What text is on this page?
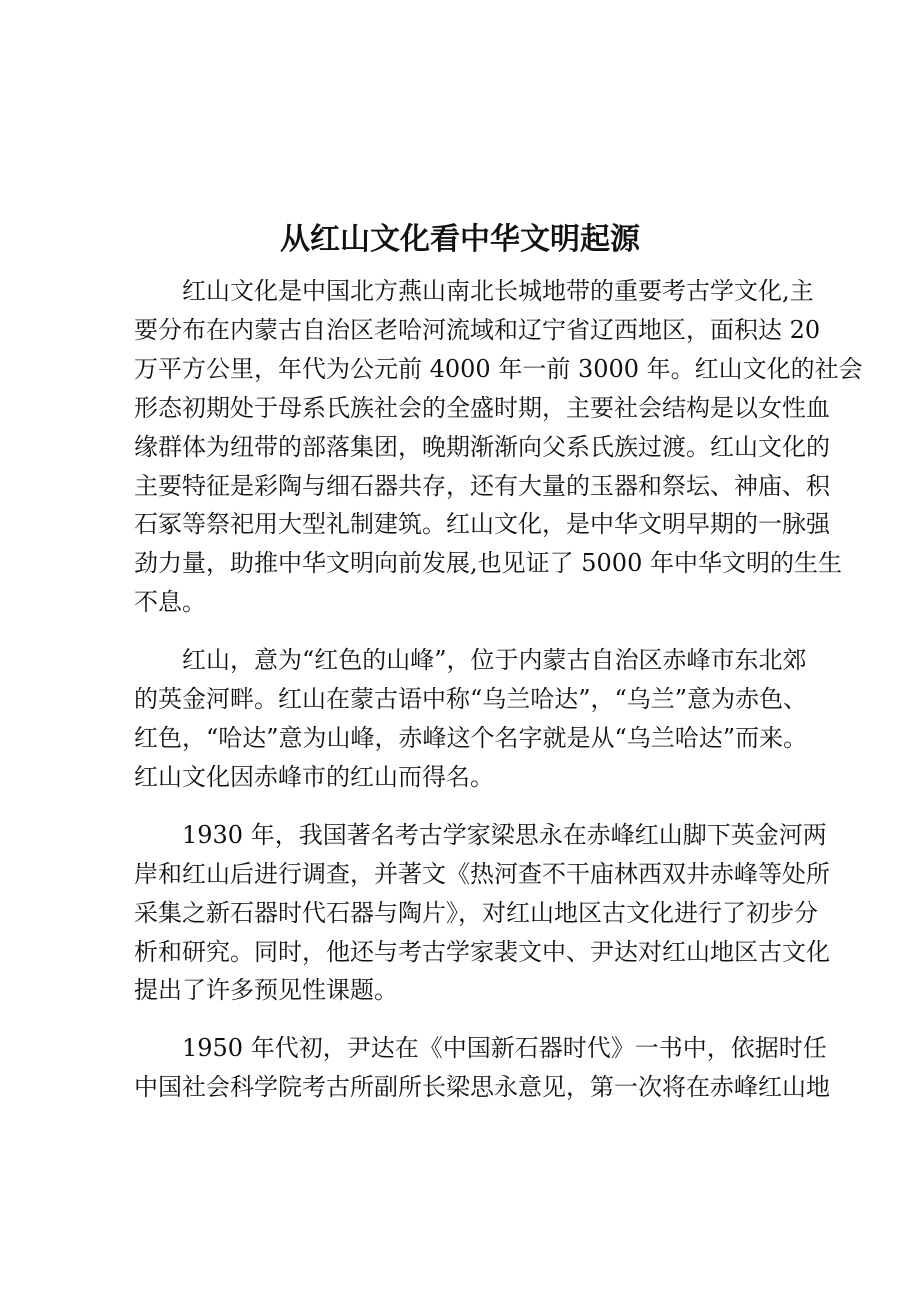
从红山文化看中华文明起源

红山文化是中国北方燕山南北长城地带的重要考古学文化,主
要分布在内蒙古自治区老哈河流域和辽宁省辽西地区，面积达 20
万平方公里，年代为公元前 4000 年一前 3000 年。红山文化的社会
形态初期处于母系氏族社会的全盛时期，主要社会结构是以女性血
缘群体为纽带的部落集团，晚期渐渐向父系氏族过渡。红山文化的
主要特征是彩陶与细石器共存，还有大量的玉器和祭坛、神庙、积
石冢等祭祀用大型礼制建筑。红山文化，是中华文明早期的一脉强
劲力量，助推中华文明向前发展,也见证了 5000 年中华文明的生生
不息。

红山，意为“红色的山峰”，位于内蒙古自治区赤峰市东北郊
的英金河畔。红山在蒙古语中称“乌兰哈达”，“乌兰”意为赤色、
红色，“哈达”意为山峰，赤峰这个名字就是从“乌兰哈达”而来。
红山文化因赤峰市的红山而得名。

1930 年，我国著名考古学家梁思永在赤峰红山脚下英金河两
岸和红山后进行调查，并著文《热河查不干庙林西双井赤峰等处所
采集之新石器时代石器与陶片》，对红山地区古文化进行了初步分
析和研究。同时，他还与考古学家裴文中、尹达对红山地区古文化
提出了许多预见性课题。

1950 年代初，尹达在《中国新石器时代》一书中，依据时任
中国社会科学院考古所副所长梁思永意见，第一次将在赤峰红山地
